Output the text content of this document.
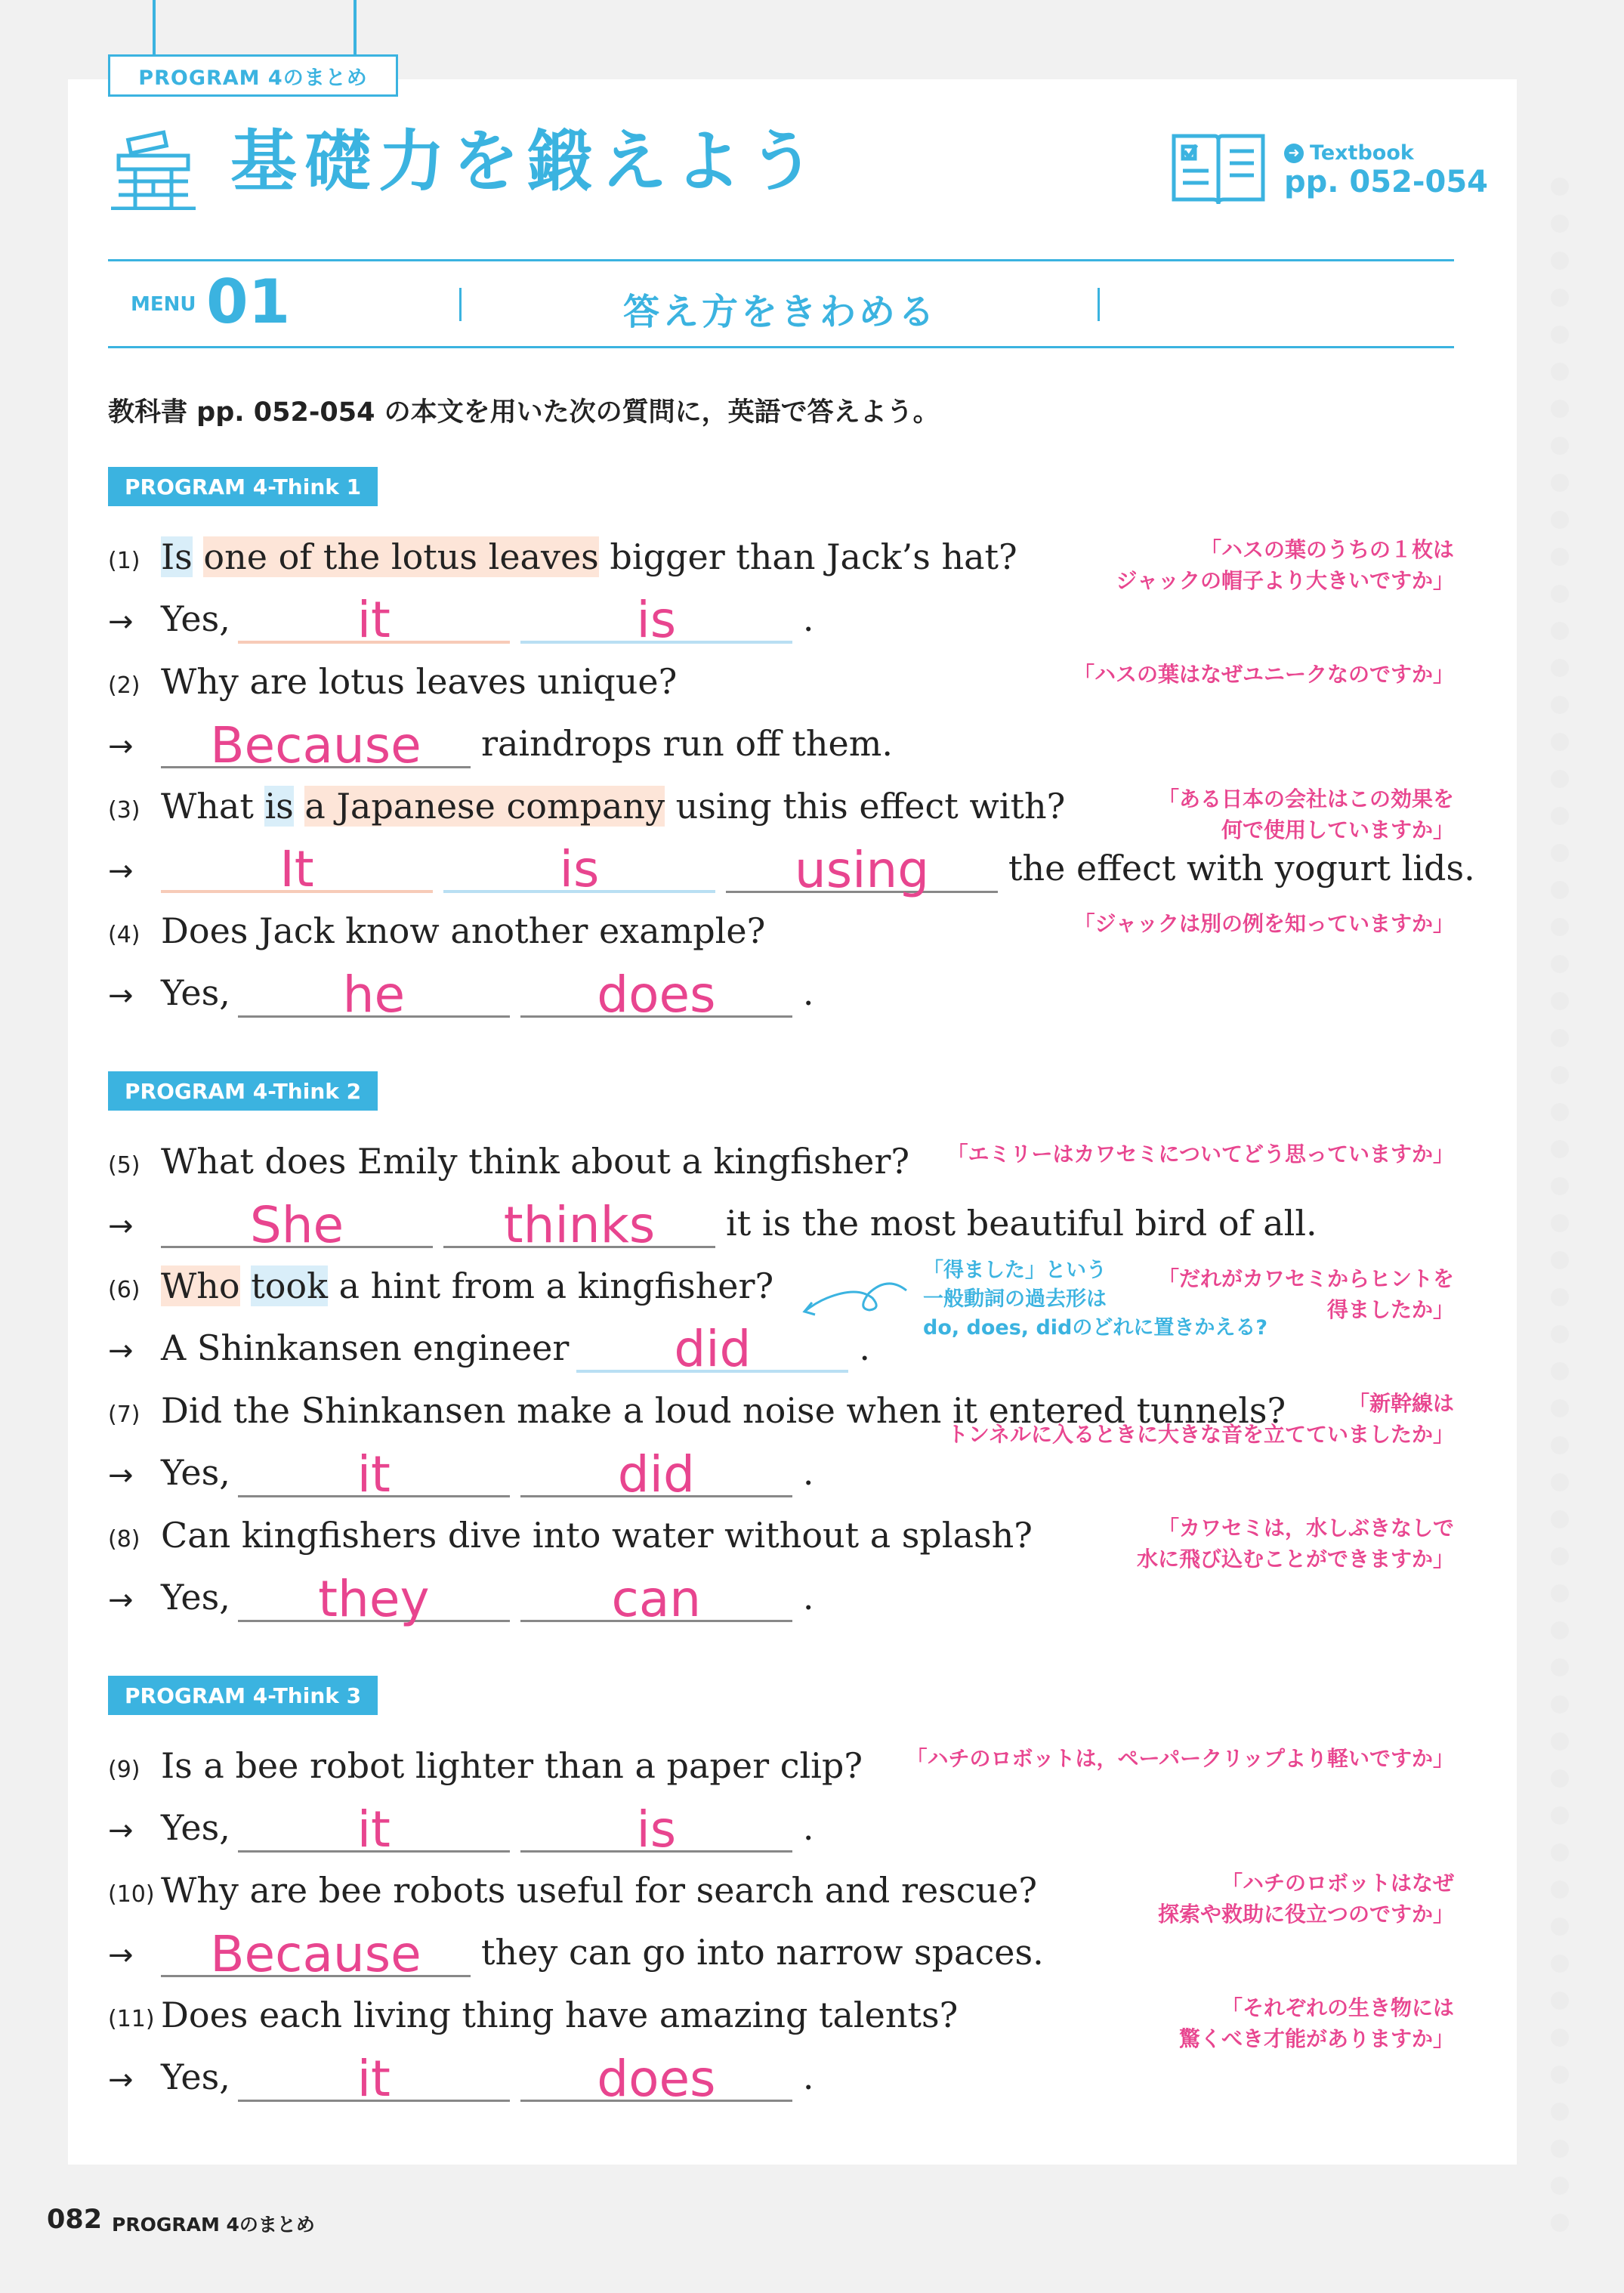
PROGRAM 4のまとめ
基礎力を鍛えよう	➜ Textbook
pp. 052-054
MENU 01	答え方をきわめる
教科書 pp. 052-054 の本文を用いた次の質問に，英語で答えよう。
PROGRAM 4-Think 1
PROGRAM 4-Think 2
PROGRAM 4-Think 3
(1) Is one of the lotus leaves bigger than Jack’s hat?	「ハスの葉のうちの１枚は
ジャックの帽子より大きいですか」
→ Yes,	it	is	.
(2) Why are lotus leaves unique?	「ハスの葉はなぜユニークなのですか」
→	Because raindrops run off them.
(3) What is a Japanese company using this effect with?	「ある日本の会社はこの効果を
何で使用していますか」
→	It	is	using the effect with yogurt lids.
(4) Does Jack know another example?	「ジャックは別の例を知っていますか」
→ Yes, he	does	.
(5) What does Emily think about a kingfisher?	「エミリーはカワセミについてどう思っていますか」
→	She	thinks it is the most beautiful bird of all.
(6) Who took a hint from a kingfisher?	「だれがカワセミからヒントを
得ましたか」
→ A Shinkansen engineer did	.
(7) Did the Shinkansen make a loud noise when it entered tunnels?	「新幹線は
トンネルに入るときに大きな音を立てていましたか」
→ Yes,	it	did	.
(8) Can kingfishers dive into water without a splash?	「カワセミは，水しぶきなしで
水に飛び込むことができますか」
→ Yes, they	can	.
(9) Is a bee robot lighter than a paper clip?	「ハチのロボットは，ペーパークリップより軽いですか」
→ Yes,	it	is	.
(10) Why are bee robots useful for search and rescue?	「ハチのロボットはなぜ
探索や救助に役立つのですか」
→	Because they can go into narrow spaces.
(11) Does each living thing have amazing talents?	「それぞれの生き物には
驚くべき才能がありますか」
→ Yes,	it	does	.
「得ました」という
一般動詞の過去形は
do, does, didのどれに置きかえる?
082 PROGRAM 4のまとめ
